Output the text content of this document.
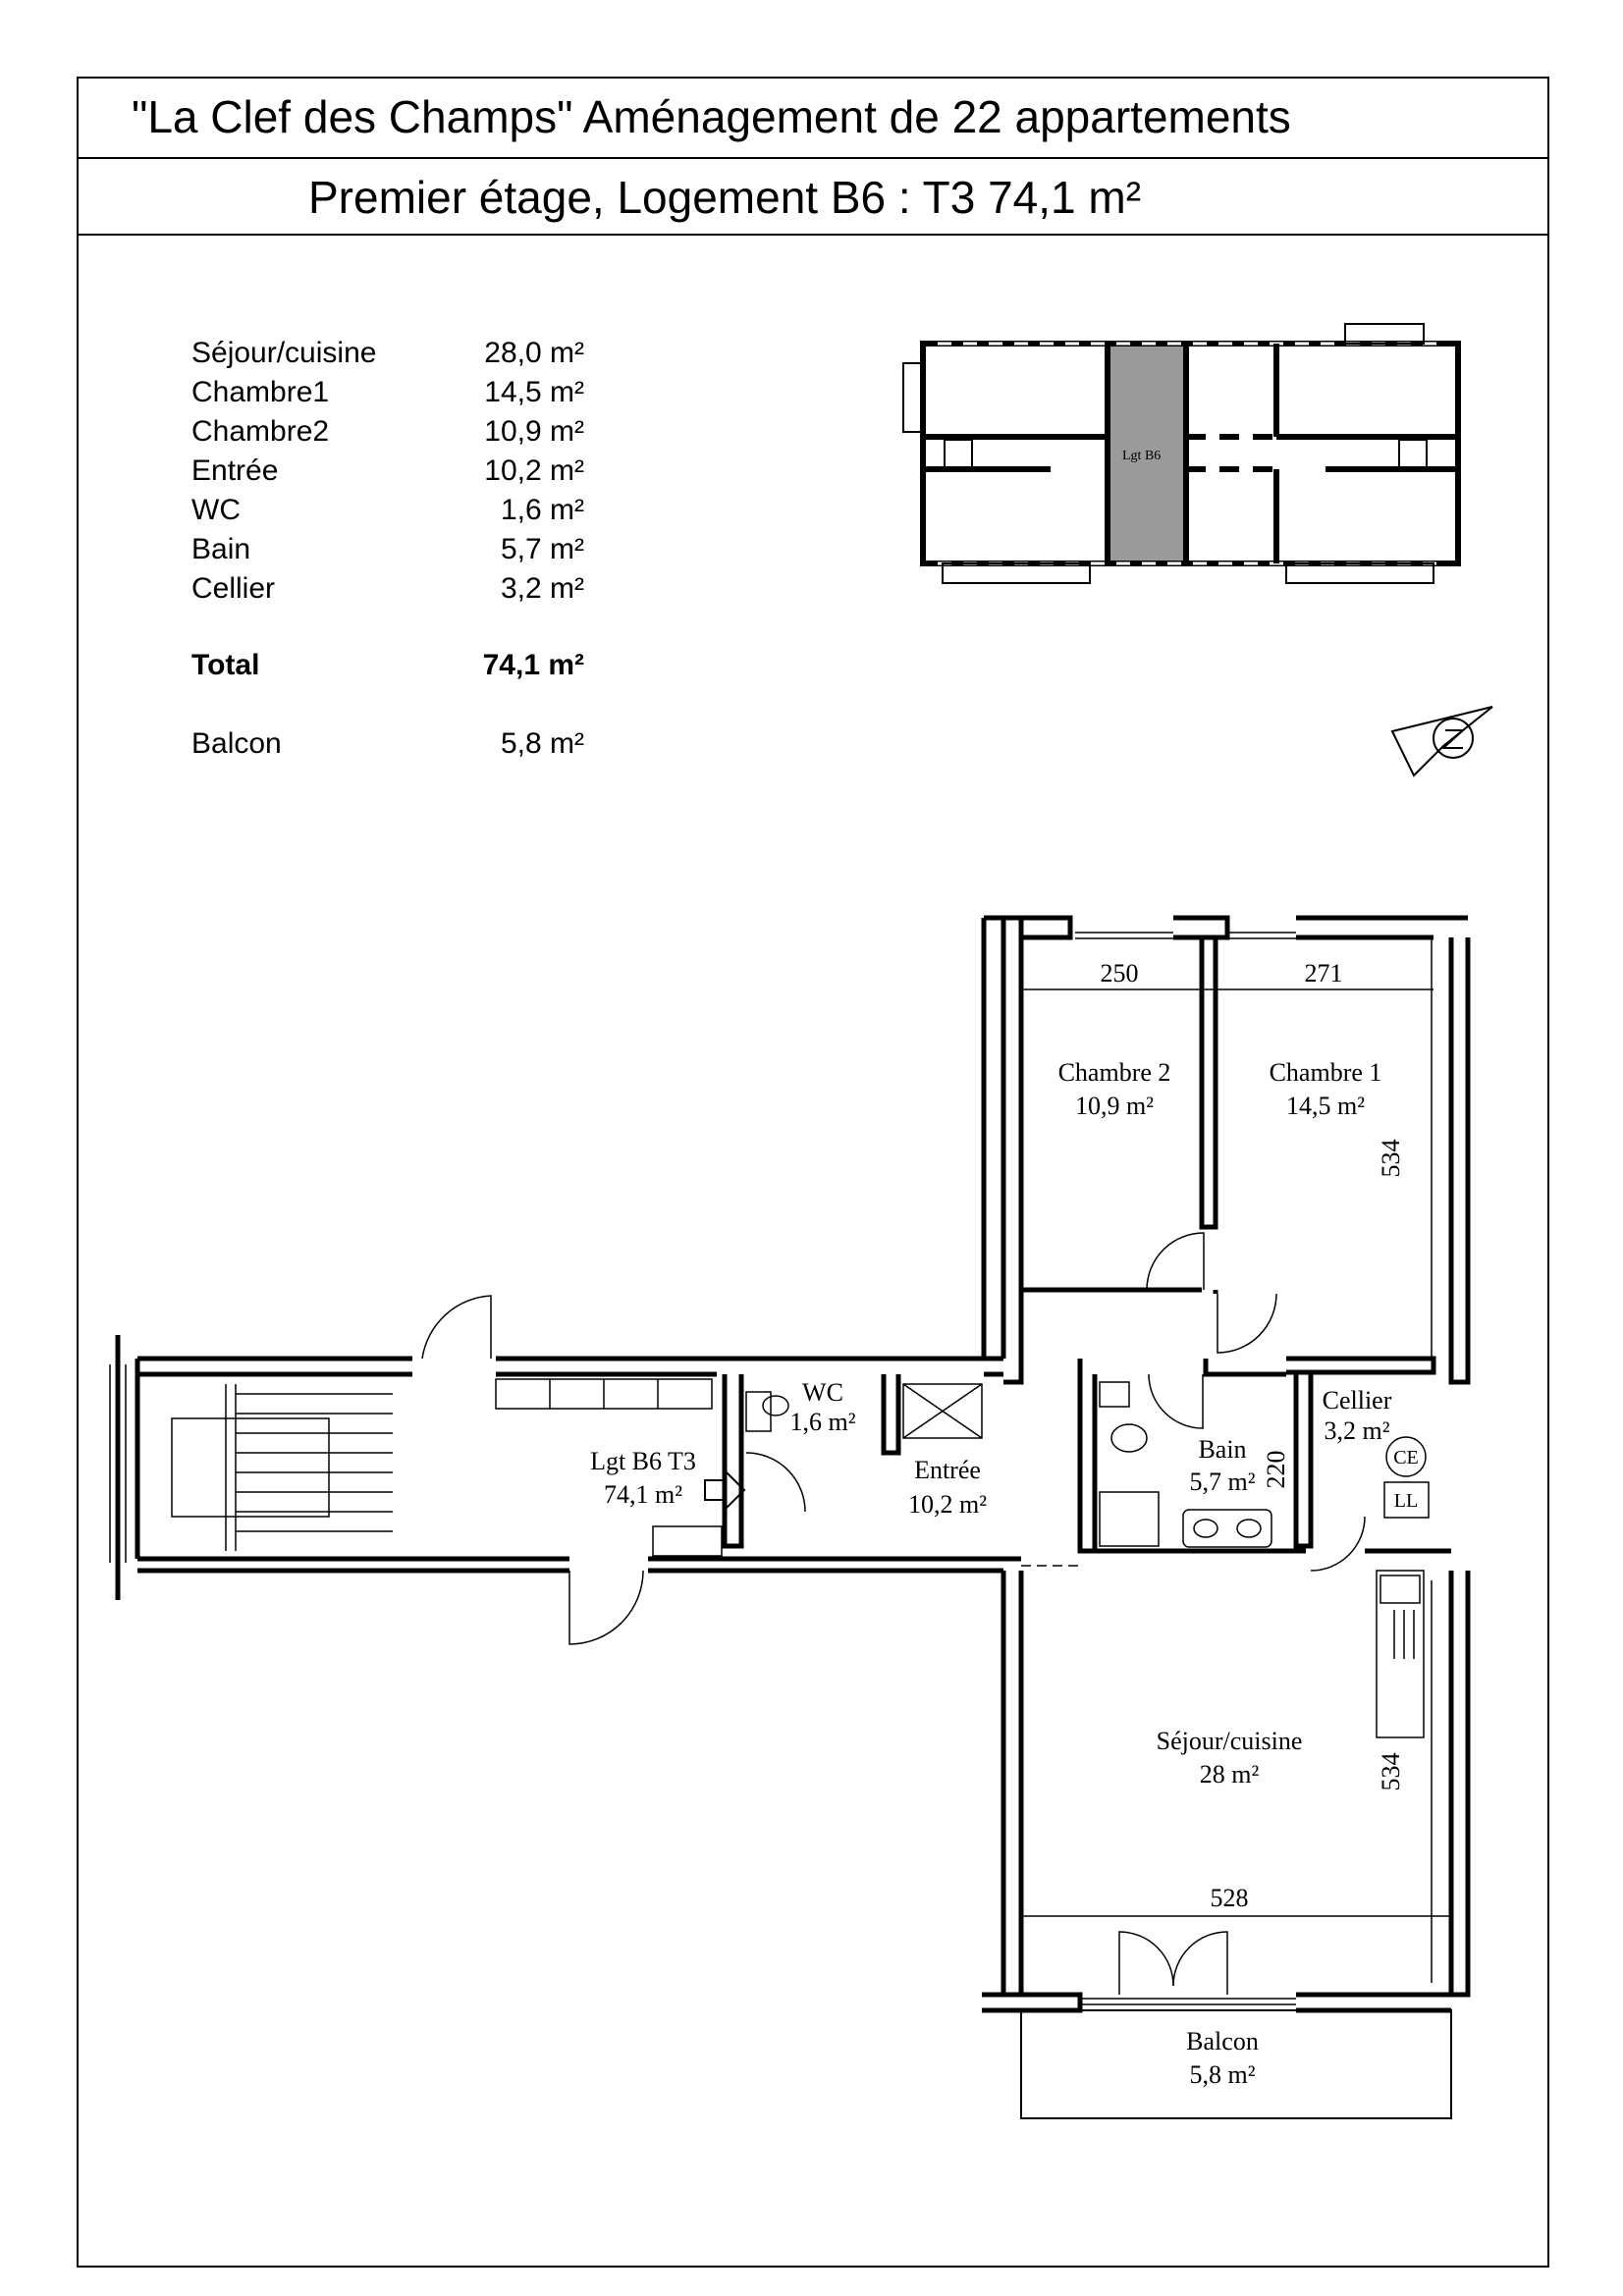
"La Clef des Champs" Aménagement de 22 appartements
Premier étage, Logement B6 : T3 74,1 m²
Séjour/cuisine	28,0 m²
Chambre1	14,5 m²
Chambre2	10,9 m²
Entrée	10,2 m²
WC	1,6 m²
Bain	5,7 m²
Cellier	3,2 m²
Total	74,1 m²
Balcon	5,8 m²
Lgt B6
Chambre 2
10,9 m²
Chambre 1
14,5 m²
WC
1,6 m²
Cellier
3,2 m²
Bain
5,7 m²
Entrée
10,2 m²
Lgt B6 T3
74,1 m²
Séjour/cuisine
28 m²
Balcon
5,8 m²
250	271
528
534
220
534
CE
LL
